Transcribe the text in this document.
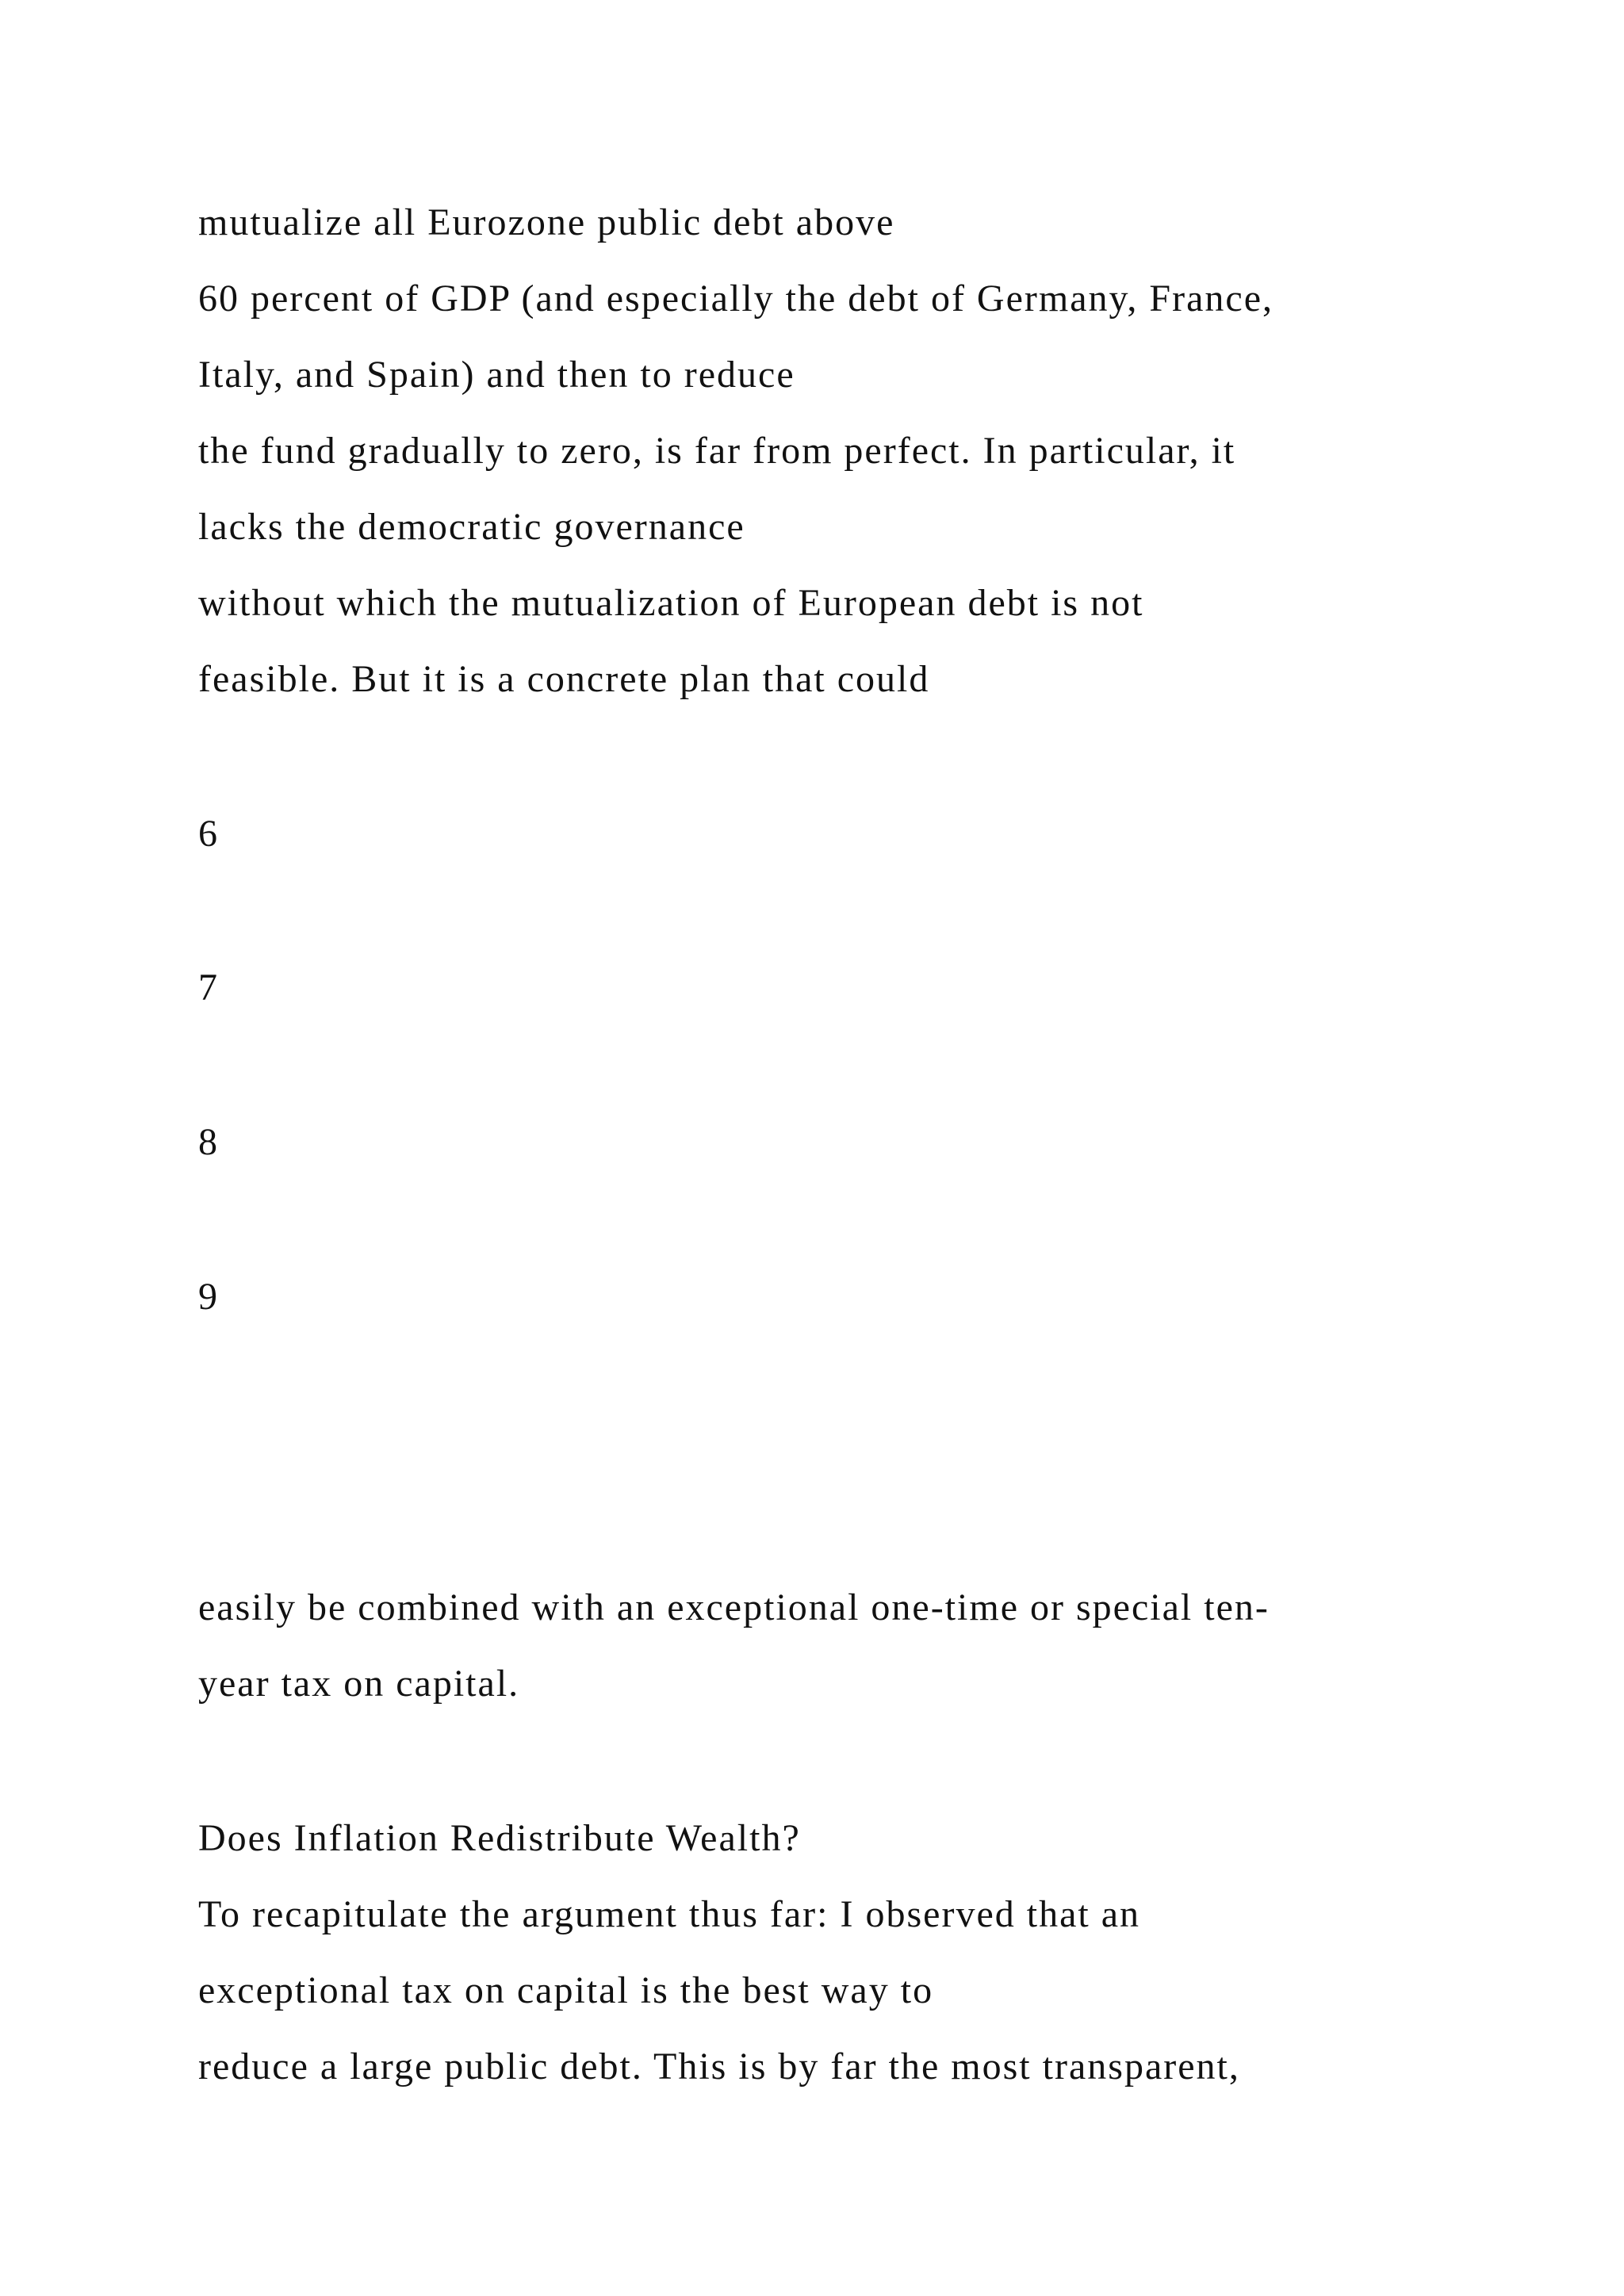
mutualize all Eurozone public debt above
60 percent of GDP (and especially the debt of Germany, France,
Italy, and Spain) and then to reduce
the fund gradually to zero, is far from perfect. In particular, it
lacks the democratic governance
without which the mutualization of European debt is not
feasible. But it is a concrete plan that could
6
7
8
9
easily be combined with an exceptional one-time or special ten-
year tax on capital.
Does Inflation Redistribute Wealth?
To recapitulate the argument thus far: I observed that an
exceptional tax on capital is the best way to
reduce a large public debt. This is by far the most transparent,
